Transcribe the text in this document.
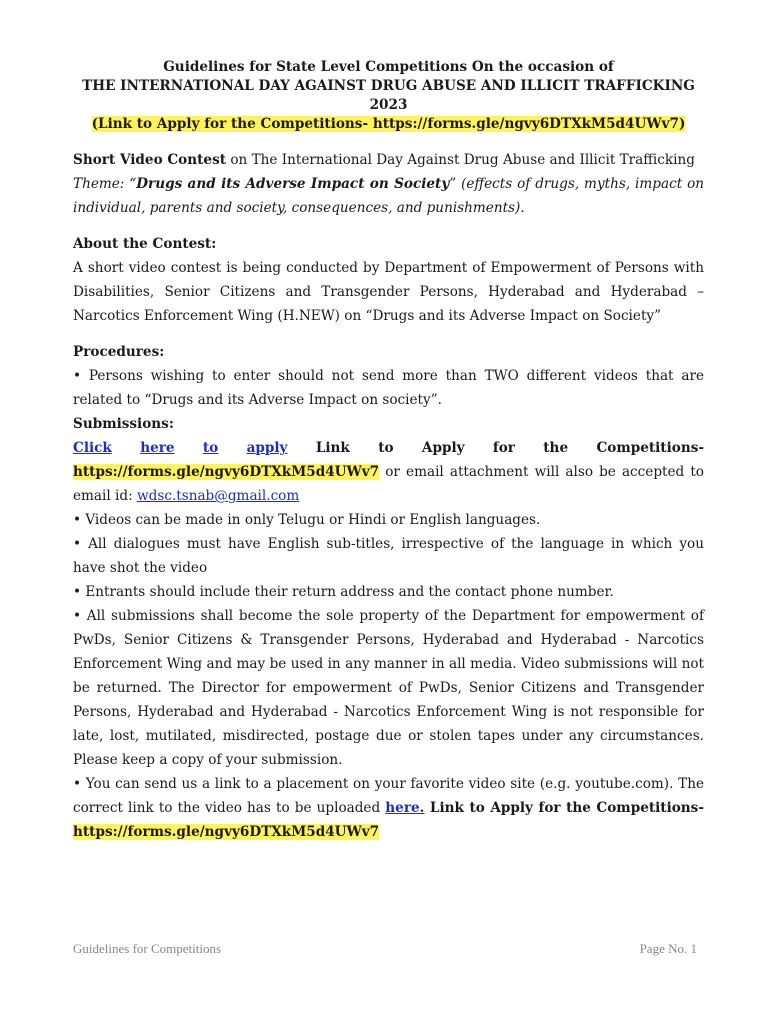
Guidelines for State Level Competitions On the occasion of
THE INTERNATIONAL DAY AGAINST DRUG ABUSE AND ILLICIT TRAFFICKING 2023
(Link to Apply for the Competitions- https://forms.gle/ngvy6DTXkM5d4UWv7)

Short Video Contest on The International Day Against Drug Abuse and Illicit Trafficking

Theme: “Drugs and its Adverse Impact on Society” (effects of drugs, myths, impact on individual, parents and society, consequences, and punishments).

About the Contest:

A short video contest is being conducted by Department of Empowerment of Persons with Disabilities, Senior Citizens and Transgender Persons, Hyderabad and Hyderabad – Narcotics Enforcement Wing (H.NEW) on “Drugs and its Adverse Impact on Society”

Procedures:

• Persons wishing to enter should not send more than TWO different videos that are related to “Drugs and its Adverse Impact on society”.

Submissions:

Click here to apply Link to Apply for the Competitions-

https://forms.gle/ngvy6DTXkM5d4UWv7 or email attachment will also be accepted to email id: wdsc.tsnab@gmail.com

• Videos can be made in only Telugu or Hindi or English languages.

• All dialogues must have English sub-titles, irrespective of the language in which you have shot the video

• Entrants should include their return address and the contact phone number.

• All submissions shall become the sole property of the Department for empowerment of PwDs, Senior Citizens & Transgender Persons, Hyderabad and Hyderabad - Narcotics Enforcement Wing and may be used in any manner in all media. Video submissions will not be returned. The Director for empowerment of PwDs, Senior Citizens and Transgender Persons, Hyderabad and Hyderabad - Narcotics Enforcement Wing is not responsible for late, lost, mutilated, misdirected, postage due or stolen tapes under any circumstances. Please keep a copy of your submission.

• You can send us a link to a placement on your favorite video site (e.g. youtube.com). The correct link to the video has to be uploaded here. Link to Apply for the Competitions- https://forms.gle/ngvy6DTXkM5d4UWv7

Guidelines for Competitions	Page No. 1
